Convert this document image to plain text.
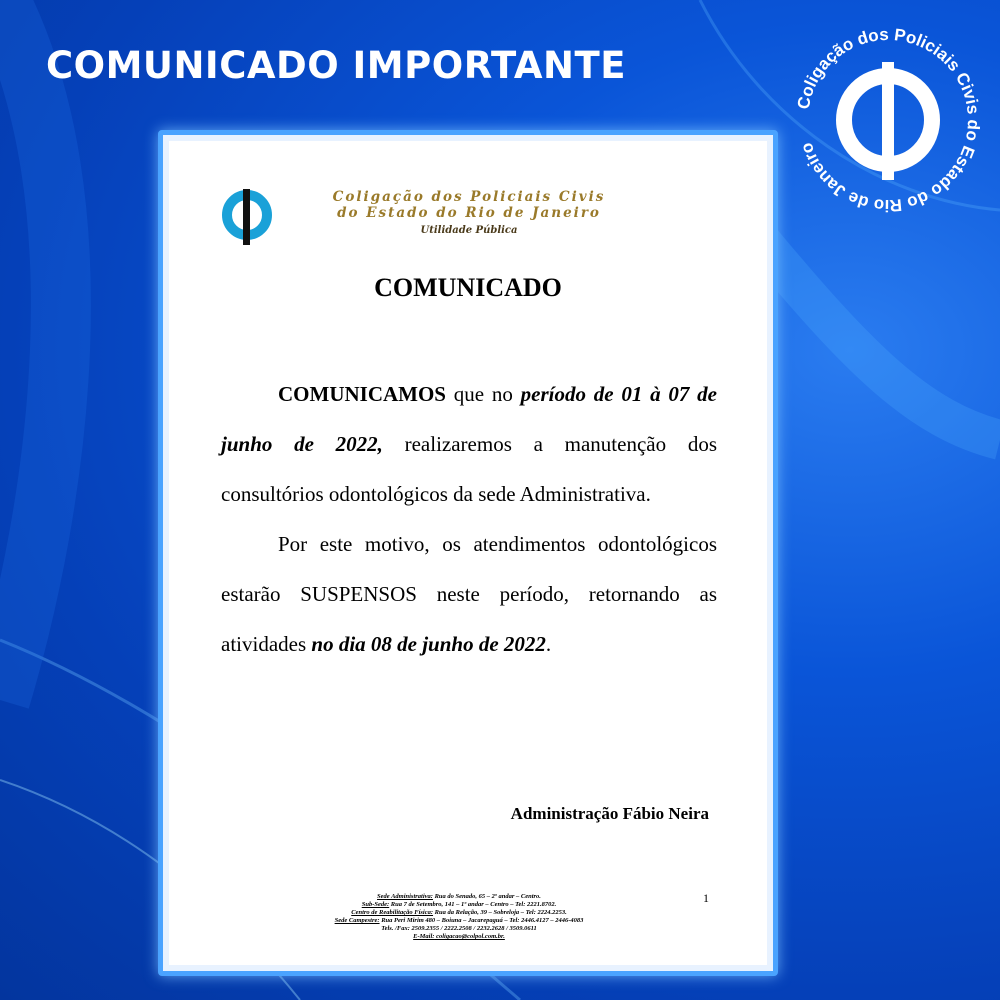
COMUNICADO IMPORTANTE
Coligação dos Policiais Civis do Estado do Rio de Janeiro
Coligação dos Policiais Civis
do Estado do Rio de Janeiro
Utilidade Pública
COMUNICADO

COMUNICAMOS que no período de 01 à 07 de junho de 2022, realizaremos a manutenção dos consultórios odontológicos da sede Administrativa.

Por este motivo, os atendimentos odontológicos estarão SUSPENSOS neste período, retornando as atividades no dia 08 de junho de 2022.

Administração Fábio Neira
1
Sede Administrativa: Rua do Senado, 65 – 2º andar – Centro.
Sub-Sede: Rua 7 de Setembro, 141 – 1º andar – Centro – Tel: 2221.8702.
Centro de Reabilitação Física: Rua da Relação, 39 – Sobreloja – Tel: 2224.2253.
Sede Campestre: Rua Peri Mirim 480 – Boiuna – Jacarepaguá – Tel: 2446.4127 – 2446-4083
Tels. /Fax: 2509.2355 / 2222.2508 / 2232.2628 / 3509.0611
E-Mail: coligacao@colpol.com.br.
